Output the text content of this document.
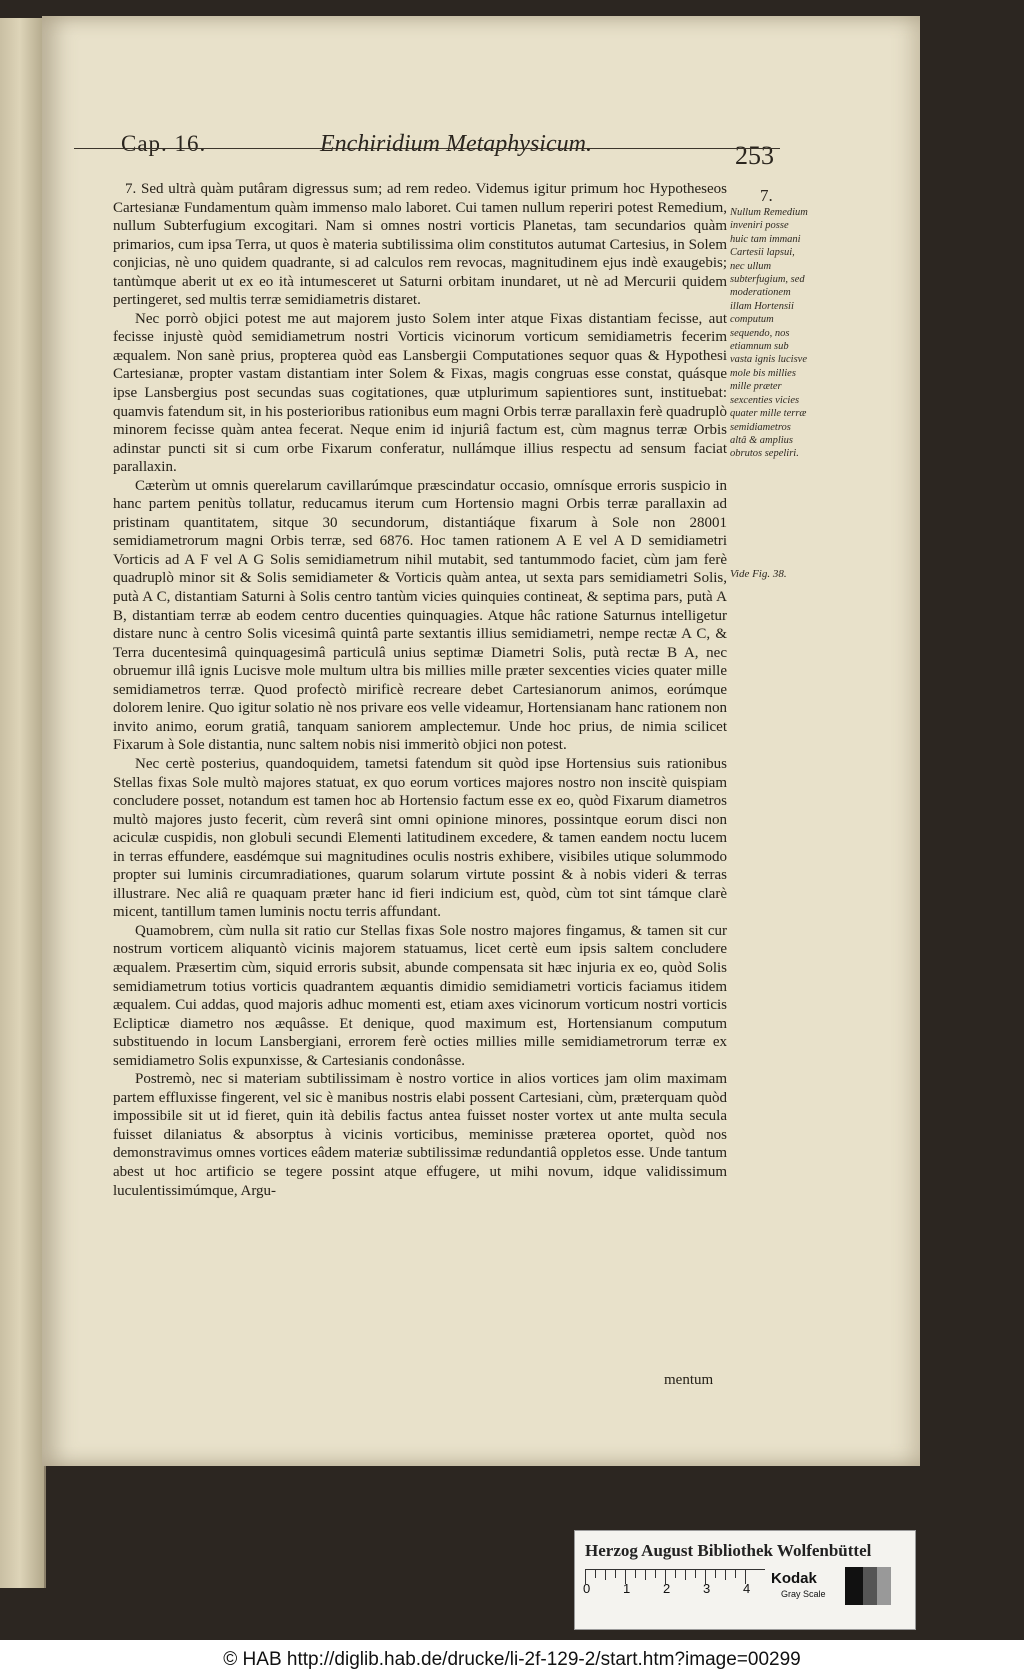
Cap. 16.	Enchiridium Metaphysicum.	253

7. Sed ultrà quàm putâram digressus sum; ad rem redeo. Videmus igitur primum hoc Hypotheseos Cartesianæ Fundamentum quàm immenso malo laboret. Cui tamen nullum reperiri potest Remedium, nullum Subterfugium excogitari. Nam si omnes nostri vorticis Planetas, tam secundarios quàm primarios, cum ipsa Terra, ut quos è materia subtilissima olim constitutos autumat Cartesius, in Solem conjicias, nè uno quidem quadrante, si ad calculos rem revocas, magnitudinem ejus indè exaugebis; tantùmque aberit ut ex eo ità intumesceret ut Saturni orbitam inundaret, ut nè ad Mercurii quidem pertingeret, sed multis terræ semidiametris distaret.

Nec porrò objici potest me aut majorem justo Solem inter atque Fixas distantiam fecisse, aut fecisse injustè quòd semidiametrum nostri Vorticis vicinorum vorticum semidiametris fecerim æqualem. Non sanè prius, propterea quòd eas Lansbergii Computationes sequor quas & Hypothesi Cartesianæ, propter vastam distantiam inter Solem & Fixas, magis congruas esse constat, quásque ipse Lansbergius post secundas suas cogitationes, quæ utplurimum sapientiores sunt, instituebat: quamvis fatendum sit, in his posterioribus rationibus eum magni Orbis terræ parallaxin ferè quadruplò minorem fecisse quàm antea fecerat. Neque enim id injuriâ factum est, cùm magnus terræ Orbis adinstar puncti sit si cum orbe Fixarum conferatur, nullámque illius respectu ad sensum faciat parallaxin.

Cæterùm ut omnis querelarum cavillarúmque præscindatur occasio, omnísque erroris suspicio in hanc partem penitùs tollatur, reducamus iterum cum Hortensio magni Orbis terræ parallaxin ad pristinam quantitatem, sitque 30 secundorum, distantiáque fixarum à Sole non 28001 semidiametrorum magni Orbis terræ, sed 6876. Hoc tamen rationem A E vel A D semidiametri Vorticis ad A F vel A G Solis semidiametrum nihil mutabit, sed tantummodo faciet, cùm jam ferè quadruplò minor sit & Solis semidiameter & Vorticis quàm antea, ut sexta pars semidiametri Solis, putà A C, distantiam Saturni à Solis centro tantùm vicies quinquies contineat, & septima pars, putà A B, distantiam terræ ab eodem centro ducenties quinquagies. Atque hâc ratione Saturnus intelligetur distare nunc à centro Solis vicesimâ quintâ parte sextantis illius semidiametri, nempe rectæ A C, & Terra ducentesimâ quinquagesimâ particulâ unius septimæ Diametri Solis, putà rectæ B A, nec obruemur illâ ignis Lucisve mole multum ultra bis millies mille præter sexcenties vicies quater mille semidiametros terræ. Quod profectò mirificè recreare debet Cartesianorum animos, eorúmque dolorem lenire. Quo igitur solatio nè nos privare eos velle videamur, Hortensianam hanc rationem non invito animo, eorum gratiâ, tanquam saniorem amplectemur. Unde hoc prius, de nimia scilicet Fixarum à Sole distantia, nunc saltem nobis nisi immeritò objici non potest.

Nec certè posterius, quandoquidem, tametsi fatendum sit quòd ipse Hortensius suis rationibus Stellas fixas Sole multò majores statuat, ex quo eorum vortices majores nostro non inscitè quispiam concludere posset, notandum est tamen hoc ab Hortensio factum esse ex eo, quòd Fixarum diametros multò majores justo fecerit, cùm reverâ sint omni opinione minores, possintque eorum disci non aciculæ cuspidis, non globuli secundi Elementi latitudinem excedere, & tamen eandem noctu lucem in terras effundere, easdémque sui magnitudines oculis nostris exhibere, visibiles utique solummodo propter sui luminis circumradiationes, quarum solarum virtute possint & à nobis videri & terras illustrare. Nec aliâ re quaquam præter hanc id fieri indicium est, quòd, cùm tot sint támque clarè micent, tantillum tamen luminis noctu terris affundant.

Quamobrem, cùm nulla sit ratio cur Stellas fixas Sole nostro majores fingamus, & tamen sit cur nostrum vorticem aliquantò vicinis majorem statuamus, licet certè eum ipsis saltem concludere æqualem. Præsertim cùm, siquid erroris subsit, abunde compensata sit hæc injuria ex eo, quòd Solis semidiametrum totius vorticis quadrantem æquantis dimidio semidiametri vorticis faciamus itidem æqualem. Cui addas, quod majoris adhuc momenti est, etiam axes vicinorum vorticum nostri vorticis Eclipticæ diametro nos æquâsse. Et denique, quod maximum est, Hortensianum computum substituendo in locum Lansbergiani, errorem ferè octies millies mille semidiametrorum terræ ex semidiametro Solis expunxisse, & Cartesianis condonâsse.

Postremò, nec si materiam subtilissimam è nostro vortice in alios vortices jam olim maximam partem effluxisse fingerent, vel sic è manibus nostris elabi possent Cartesiani, cùm, præterquam quòd impossibile sit ut id fieret, quin ità debilis factus antea fuisset noster vortex ut ante multa secula fuisset dilaniatus & absorptus à vicinis vorticibus, meminisse præterea oportet, quòd nos demonstravimus omnes vortices eâdem materiæ subtilissimæ redundantiâ oppletos esse. Unde tantum abest ut hoc artificio se tegere possint atque effugere, ut mihi novum, idque validissimum luculentissimúmque, Argu-

mentum
7.
Nullum Remedium inveniri posse huic tam immani Cartesii lapsui, nec ullum subterfugium, sed moderationem illam Hortensii computum sequendo, nos etiamnum sub vasta ignis lucisve mole bis millies mille præter sexcenties vicies quater mille terræ semidiametros altâ & amplius obrutos sepeliri.
Vide Fig. 38.
Herzog August Bibliothek Wolfenbüttel
0	1	2	3	4
Kodak
Gray Scale
© HAB http://diglib.hab.de/drucke/li-2f-129-2/start.htm?image=00299
